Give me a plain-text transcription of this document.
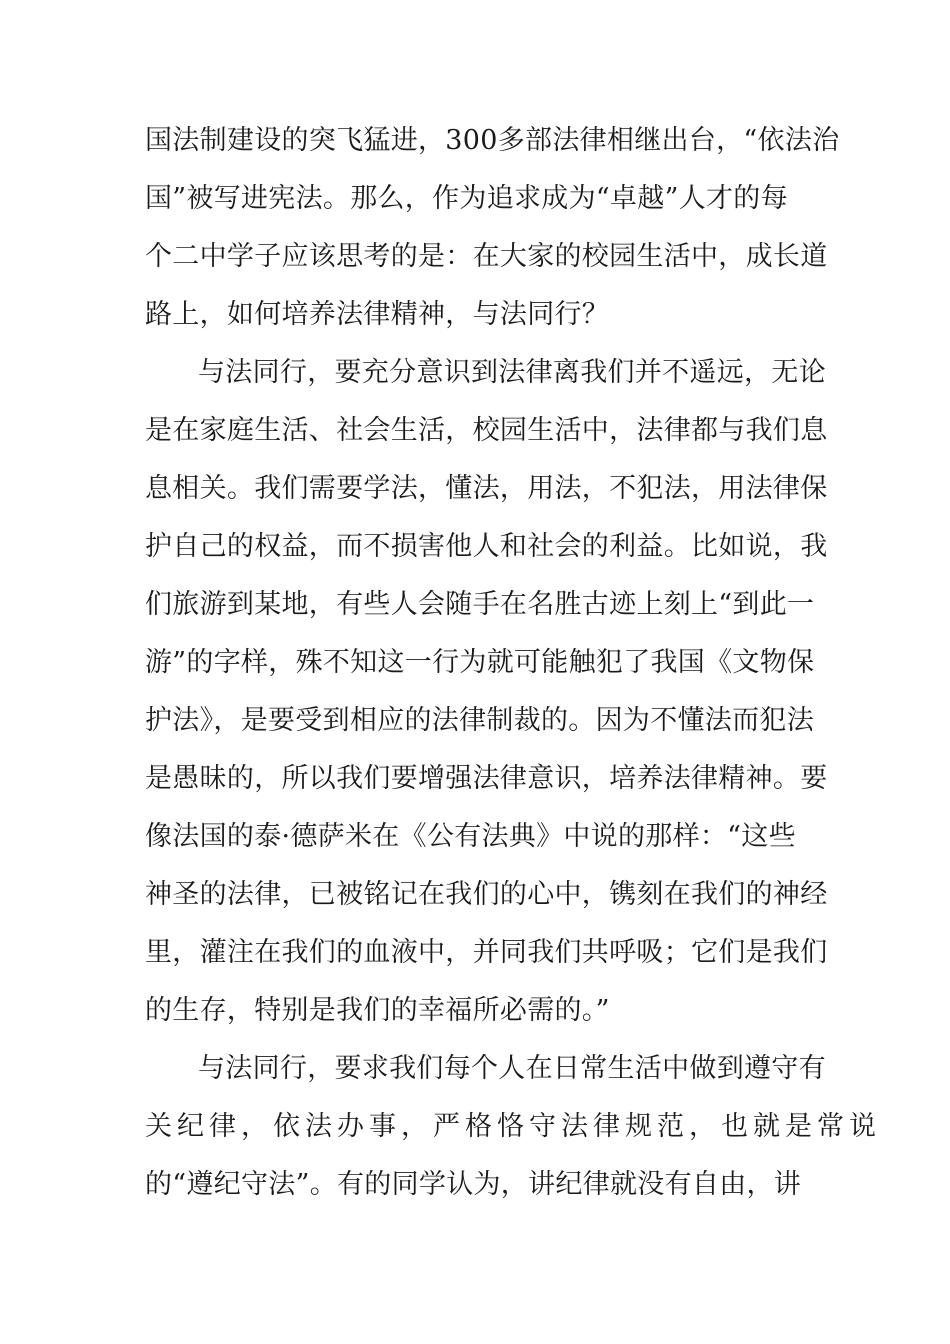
国法制建设的突飞猛进，300多部法律相继出台，“依法治
国”被写进宪法。那么，作为追求成为“卓越”人才的每
个二中学子应该思考的是：在大家的校园生活中，成长道
路上，如何培养法律精神，与法同行？
与法同行，要充分意识到法律离我们并不遥远，无论
是在家庭生活、社会生活，校园生活中，法律都与我们息
息相关。我们需要学法，懂法，用法，不犯法，用法律保
护自己的权益，而不损害他人和社会的利益。比如说，我
们旅游到某地，有些人会随手在名胜古迹上刻上“到此一
游”的字样，殊不知这一行为就可能触犯了我国《文物保
护法》，是要受到相应的法律制裁的。因为不懂法而犯法
是愚昧的，所以我们要增强法律意识，培养法律精神。要
像法国的泰·德萨米在《公有法典》中说的那样：“这些
神圣的法律，已被铭记在我们的心中，镌刻在我们的神经
里，灌注在我们的血液中，并同我们共呼吸；它们是我们
的生存，特别是我们的幸福所必需的。”
与法同行，要求我们每个人在日常生活中做到遵守有
关纪律，依法办事，严格恪守法律规范，也就是常说
的“遵纪守法”。有的同学认为，讲纪律就没有自由，讲
